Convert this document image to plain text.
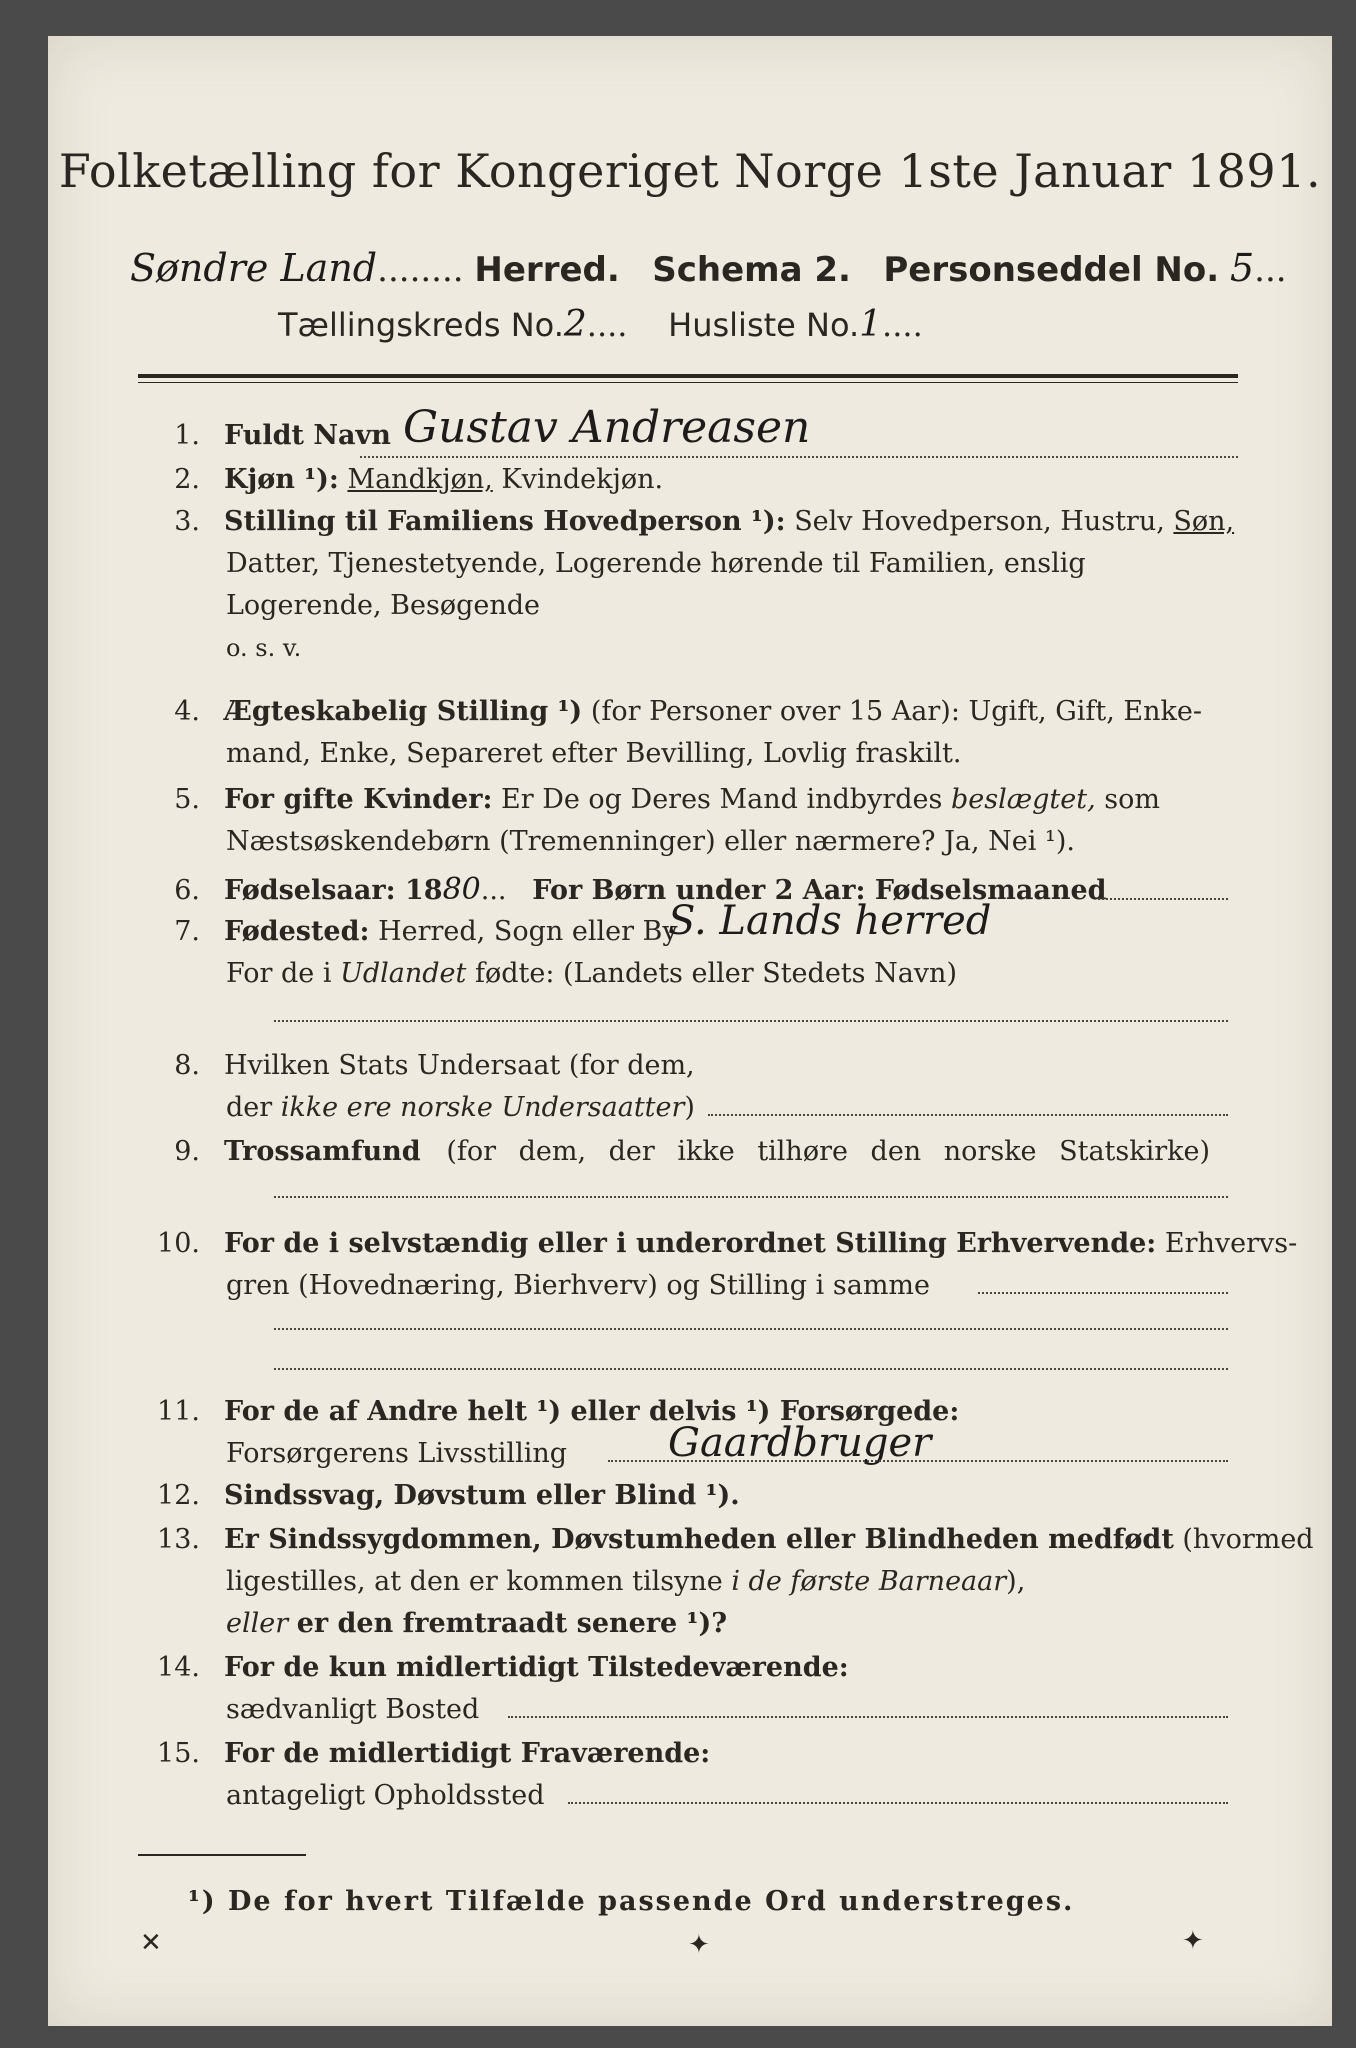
Folketælling for Kongeriget Norge 1ste Januar 1891.
Søndre Land........ Herred. Schema 2. Personseddel No. 5...
Tællingskreds No.2.... Husliste No.1....
1. Fuldt Navn Gustav Andreasen
2. Kjøn ¹): Mandkjøn, Kvindekjøn.
3. Stilling til Familiens Hovedperson ¹): Selv Hovedperson, Hustru, Søn,
Datter, Tjenestetyende, Logerende hørende til Familien, enslig
Logerende, Besøgende
o. s. v.
4. Ægteskabelig Stilling ¹) (for Personer over 15 Aar): Ugift, Gift, Enke-
mand, Enke, Separeret efter Bevilling, Lovlig fraskilt.
5. For gifte Kvinder: Er De og Deres Mand indbyrdes beslægtet, som
Næstsøskendebørn (Tremenninger) eller nærmere? Ja, Nei ¹).
6. Fødselsaar: 1880... For Børn under 2 Aar: Fødselsmaaned
7. Fødested: Herred, Sogn eller By
S. Lands herred
For de i Udlandet fødte: (Landets eller Stedets Navn)
8. Hvilken Stats Undersaat (for dem,
der ikke ere norske Undersaatter)
9. Trossamfund (for dem, der ikke tilhøre den norske Statskirke)
10. For de i selvstændig eller i underordnet Stilling Erhvervende: Erhvervs-
gren (Hovednæring, Bierhverv) og Stilling i samme
11. For de af Andre helt ¹) eller delvis ¹) Forsørgede:
Forsørgerens Livsstilling	Gaardbruger
12. Sindssvag, Døvstum eller Blind ¹).
13. Er Sindssygdommen, Døvstumheden eller Blindheden medfødt (hvormed
ligestilles, at den er kommen tilsyne i de første Barneaar),
eller er den fremtraadt senere ¹)?
14. For de kun midlertidigt Tilstedeværende:
sædvanligt Bosted
15. For de midlertidigt Fraværende:
antageligt Opholdssted
¹) De for hvert Tilfælde passende Ord understreges.
✕	✦	✦
